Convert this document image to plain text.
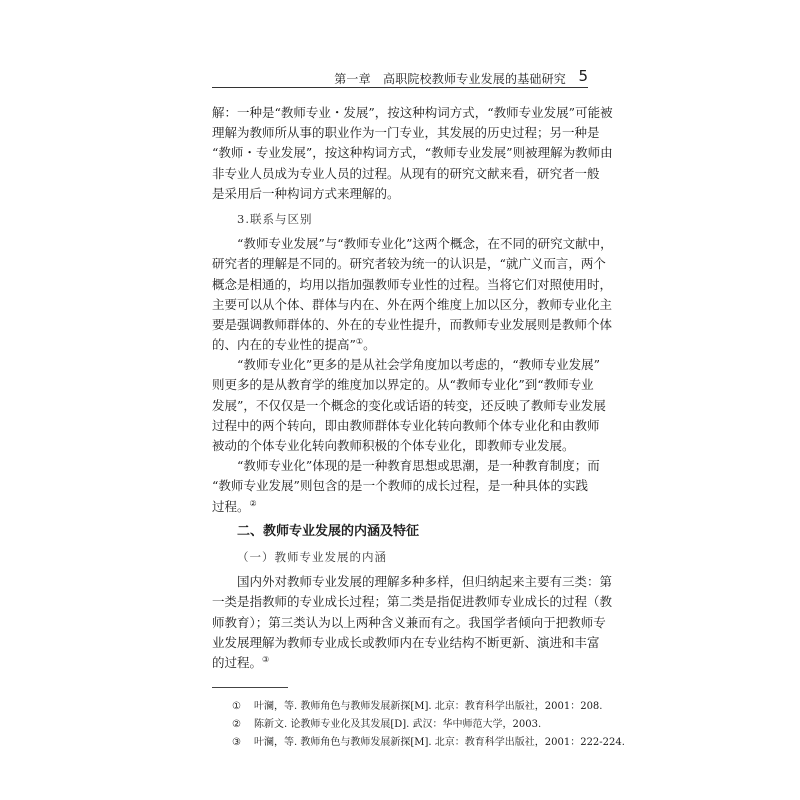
第一章　高职院校教师专业发展的基础研究 5
解：一种是“教师专业・发展”，按这种构词方式，“教师专业发展”可能被
理解为教师所从事的职业作为一门专业，其发展的历史过程；另一种是
“教师・专业发展”，按这种构词方式，“教师专业发展”则被理解为教师由
非专业人员成为专业人员的过程。从现有的研究文献来看，研究者一般
是采用后一种构词方式来理解的。
3.联系与区别
“教师专业发展”与“教师专业化”这两个概念，在不同的研究文献中，
研究者的理解是不同的。研究者较为统一的认识是，“就广义而言，两个
概念是相通的，均用以指加强教师专业性的过程。当将它们对照使用时，
主要可以从个体、群体与内在、外在两个维度上加以区分，教师专业化主
要是强调教师群体的、外在的专业性提升，而教师专业发展则是教师个体
的、内在的专业性的提高”①。
“教师专业化”更多的是从社会学角度加以考虑的，“教师专业发展”
则更多的是从教育学的维度加以界定的。从“教师专业化”到“教师专业
发展”，不仅仅是一个概念的变化或话语的转变，还反映了教师专业发展
过程中的两个转向，即由教师群体专业化转向教师个体专业化和由教师
被动的个体专业化转向教师积极的个体专业化，即教师专业发展。
“教师专业化”体现的是一种教育思想或思潮，是一种教育制度；而
“教师专业发展”则包含的是一个教师的成长过程，是一种具体的实践
过程。②
二、教师专业发展的内涵及特征
（一）教师专业发展的内涵
国内外对教师专业发展的理解多种多样，但归纳起来主要有三类：第
一类是指教师的专业成长过程；第二类是指促进教师专业成长的过程（教
师教育）；第三类认为以上两种含义兼而有之。我国学者倾向于把教师专
业发展理解为教师专业成长或教师内在专业结构不断更新、演进和丰富
的过程。③
① 叶澜，等. 教师角色与教师发展新探[M]. 北京：教育科学出版社，2001：208.
② 陈新文. 论教师专业化及其发展[D]. 武汉：华中师范大学，2003.
③ 叶澜，等. 教师角色与教师发展新探[M]. 北京：教育科学出版社，2001：222-224.
